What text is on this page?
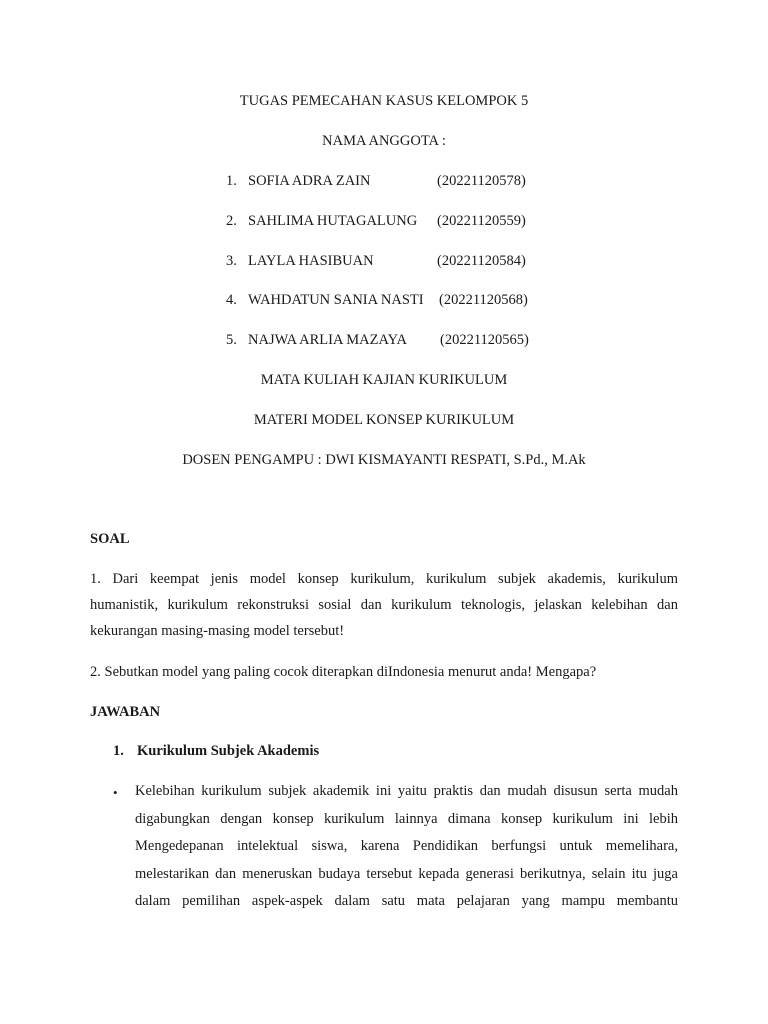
TUGAS PEMECAHAN KASUS KELOMPOK 5
NAMA ANGGOTA :
1. SOFIA ADRA ZAIN	(20221120578)
2. SAHLIMA HUTAGALUNG (20221120559)
3. LAYLA HASIBUAN	(20221120584)
4. WAHDATUN SANIA NASTI (20221120568)
5. NAJWA ARLIA MAZAYA (20221120565)
MATA KULIAH KAJIAN KURIKULUM
MATERI MODEL KONSEP KURIKULUM
DOSEN PENGAMPU : DWI KISMAYANTI RESPATI, S.Pd., M.Ak
SOAL
1. Dari keempat jenis model konsep kurikulum, kurikulum subjek akademis, kurikulum
humanistik, kurikulum rekonstruksi sosial dan kurikulum teknologis, jelaskan kelebihan dan
kekurangan masing-masing model tersebut!
2. Sebutkan model yang paling cocok diterapkan diIndonesia menurut anda! Mengapa?
JAWABAN
1. Kurikulum Subjek Akademis
• Kelebihan kurikulum subjek akademik ini yaitu praktis dan mudah disusun serta mudah
digabungkan dengan konsep kurikulum lainnya dimana konsep kurikulum ini lebih
Mengedepanan intelektual siswa, karena Pendidikan berfungsi untuk memelihara,
melestarikan dan meneruskan budaya tersebut kepada generasi berikutnya, selain itu juga
dalam pemilihan aspek-aspek dalam satu mata pelajaran yang mampu membantu
